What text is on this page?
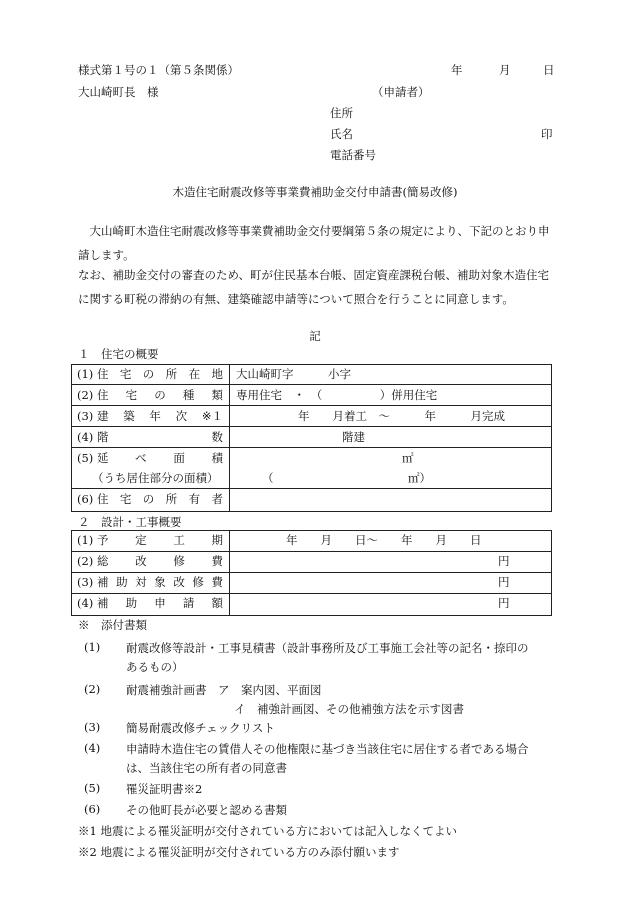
様式第１号の１（第５条関係）	年	月	日
大山崎町長　様	（申請者）
住所
氏名	印
電話番号
木造住宅耐震改修等事業費補助金交付申請書(簡易改修)
大山崎町木造住宅耐震改修等事業費補助金交付要綱第５条の規定により、下記のとおり申請します。
なお、補助金交付の審査のため、町が住民基本台帳、固定資産課税台帳、補助対象木造住宅に関する町税の滞納の有無、建築確認申請等について照合を行うことに同意します。
記
１　住宅の概要
(1) 住 宅 の 所 在 地 大山崎町字　　　小字
(2) 住 宅 の 種 類 専用住宅　・　（　　　　　）併用住宅
(3) 建 築 年 次 ※１	年　　月着工　～　　　年　　　月完成
(4) 階	数	階建
(5) 延 べ 面 積	㎡
（うち居住部分の面積）	（	㎡）
(6) 住 宅 の 所 有 者
２　設計・工事概要
(1) 予 定 工 期	年　　月　　日～　　年　　月　　日
(2) 総 改 修 費	円
(3) 補 助 対 象 改 修 費	円
(4) 補 助 申 請 額	円
※　添付書類
(1) 耐震改修等設計・工事見積書（設計事務所及び工事施工会社等の記名・捺印の
あるもの）
(2) 耐震補強計画書　ア　案内図、平面図
イ　補強計画図、その他補強方法を示す図書
(3) 簡易耐震改修チェックリスト
(4) 申請時木造住宅の賃借人その他権限に基づき当該住宅に居住する者である場合
は、当該住宅の所有者の同意書
(5) 罹災証明書※2
(6) その他町長が必要と認める書類
※1 地震による罹災証明が交付されている方においては記入しなくてよい
※2 地震による罹災証明が交付されている方のみ添付願います
